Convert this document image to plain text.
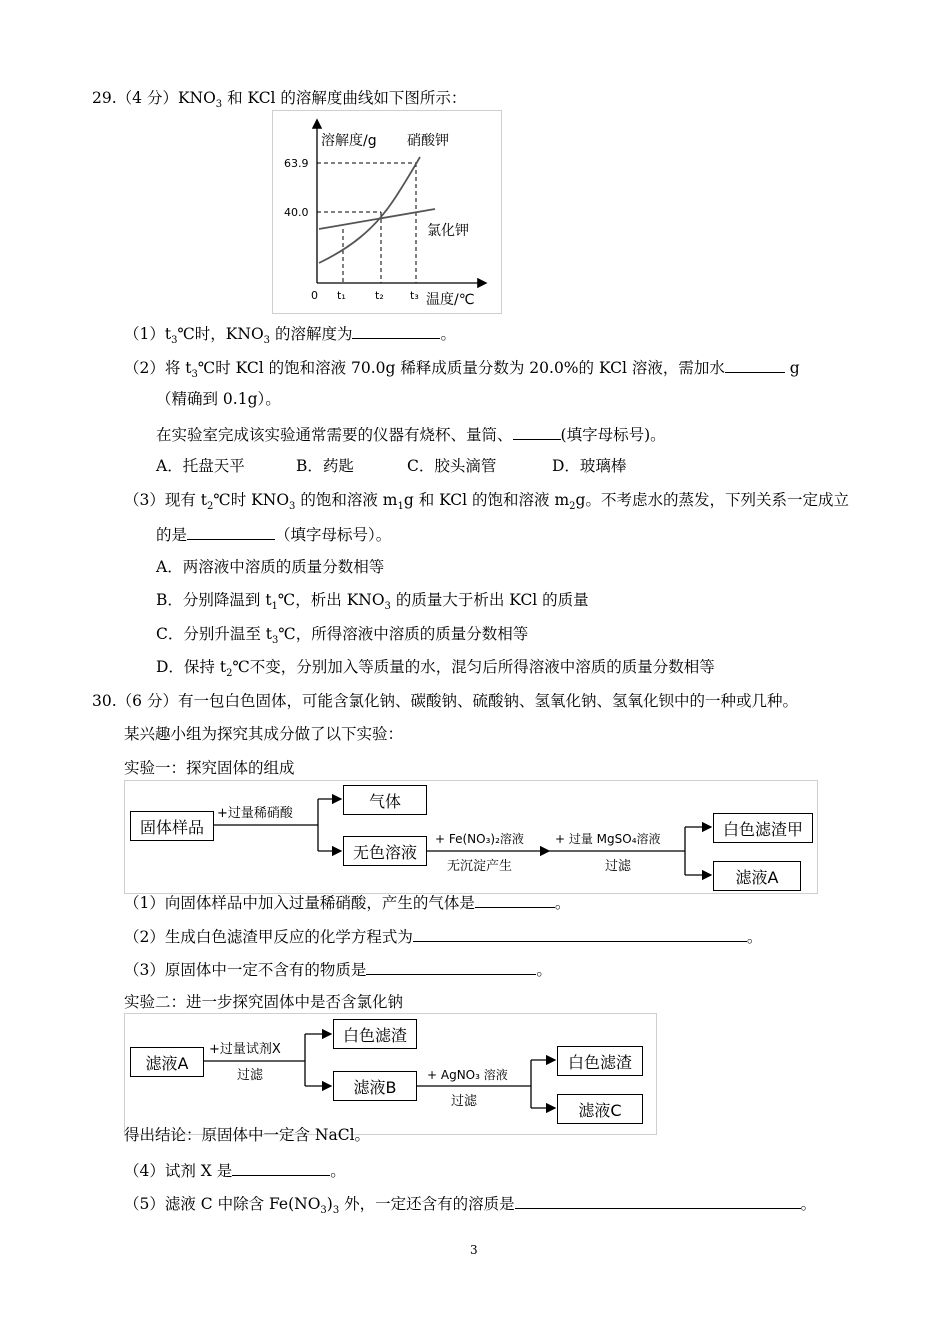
29.（4 分）$KNO_3$ 和 KCl 的溶解度曲线如下图所示：
溶解度/g 硝酸钾
氯化钾
63.9
40.0
0 t₁	t₂ t₃ 温度/℃
$(1)t_3℃$时，$KNO_3$ 的溶解度为	。
（2）将 $t_3℃$时 KCl 的饱和溶液 70.0g 稀释成质量分数为 20.0%的 KCl 溶液，需加水	g
（精确到 0.1g）。
在实验室完成该实验通常需要的仪器有烧杯、量筒、	(填字母标号)。
A．托盘天平	B．药匙	C．胶头滴管	D．玻璃棒
（3）现有 $t_2℃$时 $KNO_3$ 的饱和溶液 $m_1g$ 和 KCl 的饱和溶液 $m_2g$。不考虑水的蒸发，下列关系一定成立
的是	（填字母标号）。
A．两溶液中溶质的质量分数相等
B．分别降温到 $t_1℃$，析出 $KNO_3$ 的质量大于析出 KCl 的质量
C．分别升温至 $t_3℃$，所得溶液中溶质的质量分数相等
D．保持 $t_2℃$不变，分别加入等质量的水，混匀后所得溶液中溶质的质量分数相等
30.（6 分）有一包白色固体，可能含氯化钠、碳酸钠、硫酸钠、氢氧化钠、氢氧化钡中的一种或几种。
某兴趣小组为探究其成分做了以下实验：
实验一：探究固体的组成
固体样品
+过量稀硝酸
气体
无色溶液
+ Fe(NO₃)₂溶液
无沉淀产生
+ 过量 MgSO₄溶液
过滤
白色滤渣甲
滤液A
（1）向固体样品中加入过量稀硝酸，产生的气体是	。
（2）生成白色滤渣甲反应的化学方程式为	。
（3）原固体中一定不含有的物质是	。
实验二：进一步探究固体中是否含氯化钠
滤液A
+过量试剂X
过滤
白色滤渣
滤液B
+ AgNO₃ 溶液
过滤
白色滤渣
滤液C
得出结论：原固体中一定含 NaCl。
（4）试剂 X 是	。
（5）滤液 C 中除含 $Fe(NO_3)_3$ 外，一定还含有的溶质是	。
3
